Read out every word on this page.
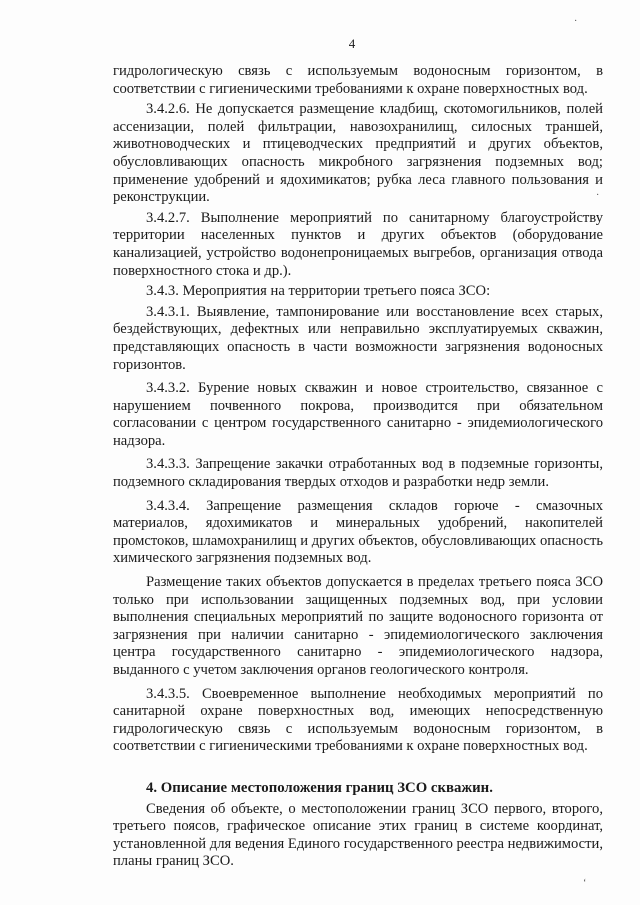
4
·
·
‘

гидрологическую связь с используемым водоносным горизонтом, в соответствии с гигиеническими требованиями к охране поверхностных вод.

3.4.2.6. Не допускается размещение кладбищ, скотомогильников, полей ассенизации, полей фильтрации, навозохранилищ, силосных траншей, животноводческих и птицеводческих предприятий и других объектов, обусловливающих опасность микробного загрязнения подземных вод; применение удобрений и ядохимикатов; рубка леса главного пользования и реконструкции.

3.4.2.7. Выполнение мероприятий по санитарному благоустройству территории населенных пунктов и других объектов (оборудование канализацией, устройство водонепроницаемых выгребов, организация отвода поверхностного стока и др.).

3.4.3. Мероприятия на территории третьего пояса ЗСО:

3.4.3.1. Выявление, тампонирование или восстановление всех старых, бездействующих, дефектных или неправильно эксплуатируемых скважин, представляющих опасность в части возможности загрязнения водоносных горизонтов.

3.4.3.2. Бурение новых скважин и новое строительство, связанное с нарушением почвенного покрова, производится при обязательном согласовании с центром государственного санитарно - эпидемиологического надзора.

3.4.3.3. Запрещение закачки отработанных вод в подземные горизонты, подземного складирования твердых отходов и разработки недр земли.

3.4.3.4. Запрещение размещения складов горюче - смазочных материалов, ядохимикатов и минеральных удобрений, накопителей промстоков, шламохранилищ и других объектов, обусловливающих опасность химического загрязнения подземных вод.

Размещение таких объектов допускается в пределах третьего пояса ЗСО только при использовании защищенных подземных вод, при условии выполнения специальных мероприятий по защите водоносного горизонта от загрязнения при наличии санитарно - эпидемиологического заключения центра государственного санитарно - эпидемиологического надзора, выданного с учетом заключения органов геологического контроля.

3.4.3.5. Своевременное выполнение необходимых мероприятий по санитарной охране поверхностных вод, имеющих непосредственную гидрологическую связь с используемым водоносным горизонтом, в соответствии с гигиеническими требованиями к охране поверхностных вод.

4. Описание местоположения границ ЗСО скважин.

Сведения об объекте, о местоположении границ ЗСО первого, второго, третьего поясов, графическое описание этих границ в системе координат, установленной для ведения Единого государственного реестра недвижимости, планы границ ЗСО.
